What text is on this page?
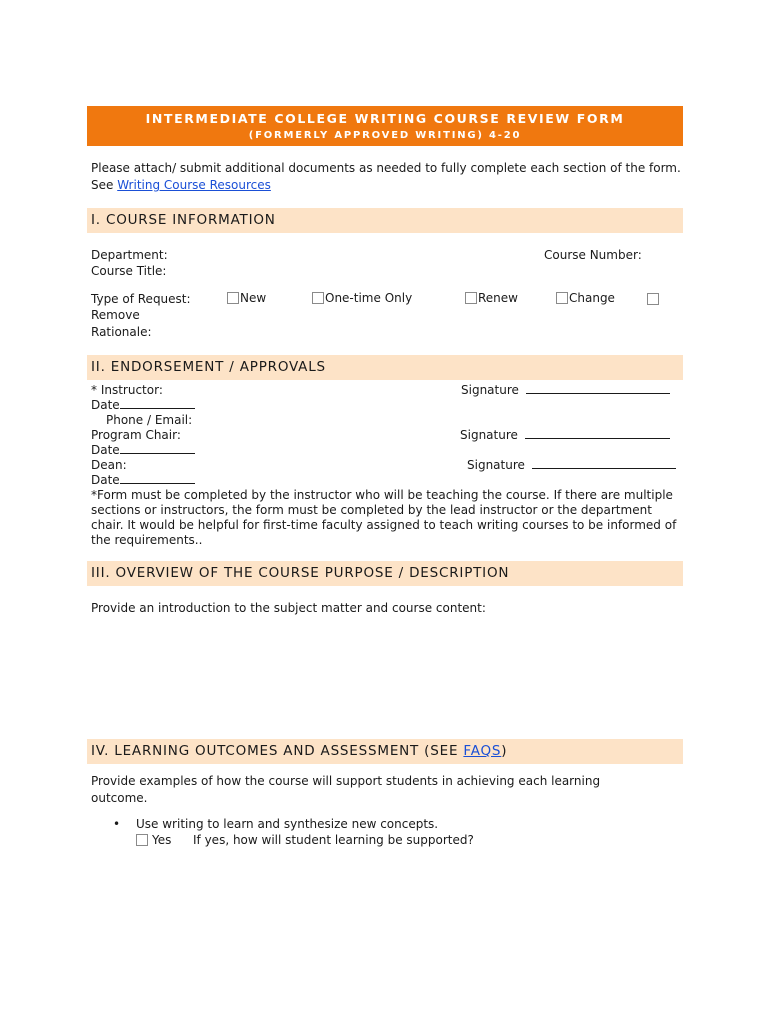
INTERMEDIATE COLLEGE WRITING COURSE REVIEW FORM
(FORMERLY APPROVED WRITING) 4-20
Please attach/ submit additional documents as needed to fully complete each section of the form. See Writing Course Resources
I. COURSE INFORMATION
Department:	Course Number:
Course Title:
Type of Request:	New	One-time Only	Renew	Change
Remove
Rationale:
II. ENDORSEMENT / APPROVALS
* Instructor:	Signature
Date
Phone / Email:
Program Chair:	Signature
Date
Dean:	Signature
Date
*Form must be completed by the instructor who will be teaching the course. If there are multiple sections or instructors, the form must be completed by the lead instructor or the department chair. It would be helpful for first-time faculty assigned to teach writing courses to be informed of the requirements..
III. OVERVIEW OF THE COURSE PURPOSE / DESCRIPTION
Provide an introduction to the subject matter and course content:
IV. LEARNING OUTCOMES AND ASSESSMENT (SEE FAQS)
Provide examples of how the course will support students in achieving each learning outcome.
• Use writing to learn and synthesize new concepts.
Yes If yes, how will student learning be supported?
